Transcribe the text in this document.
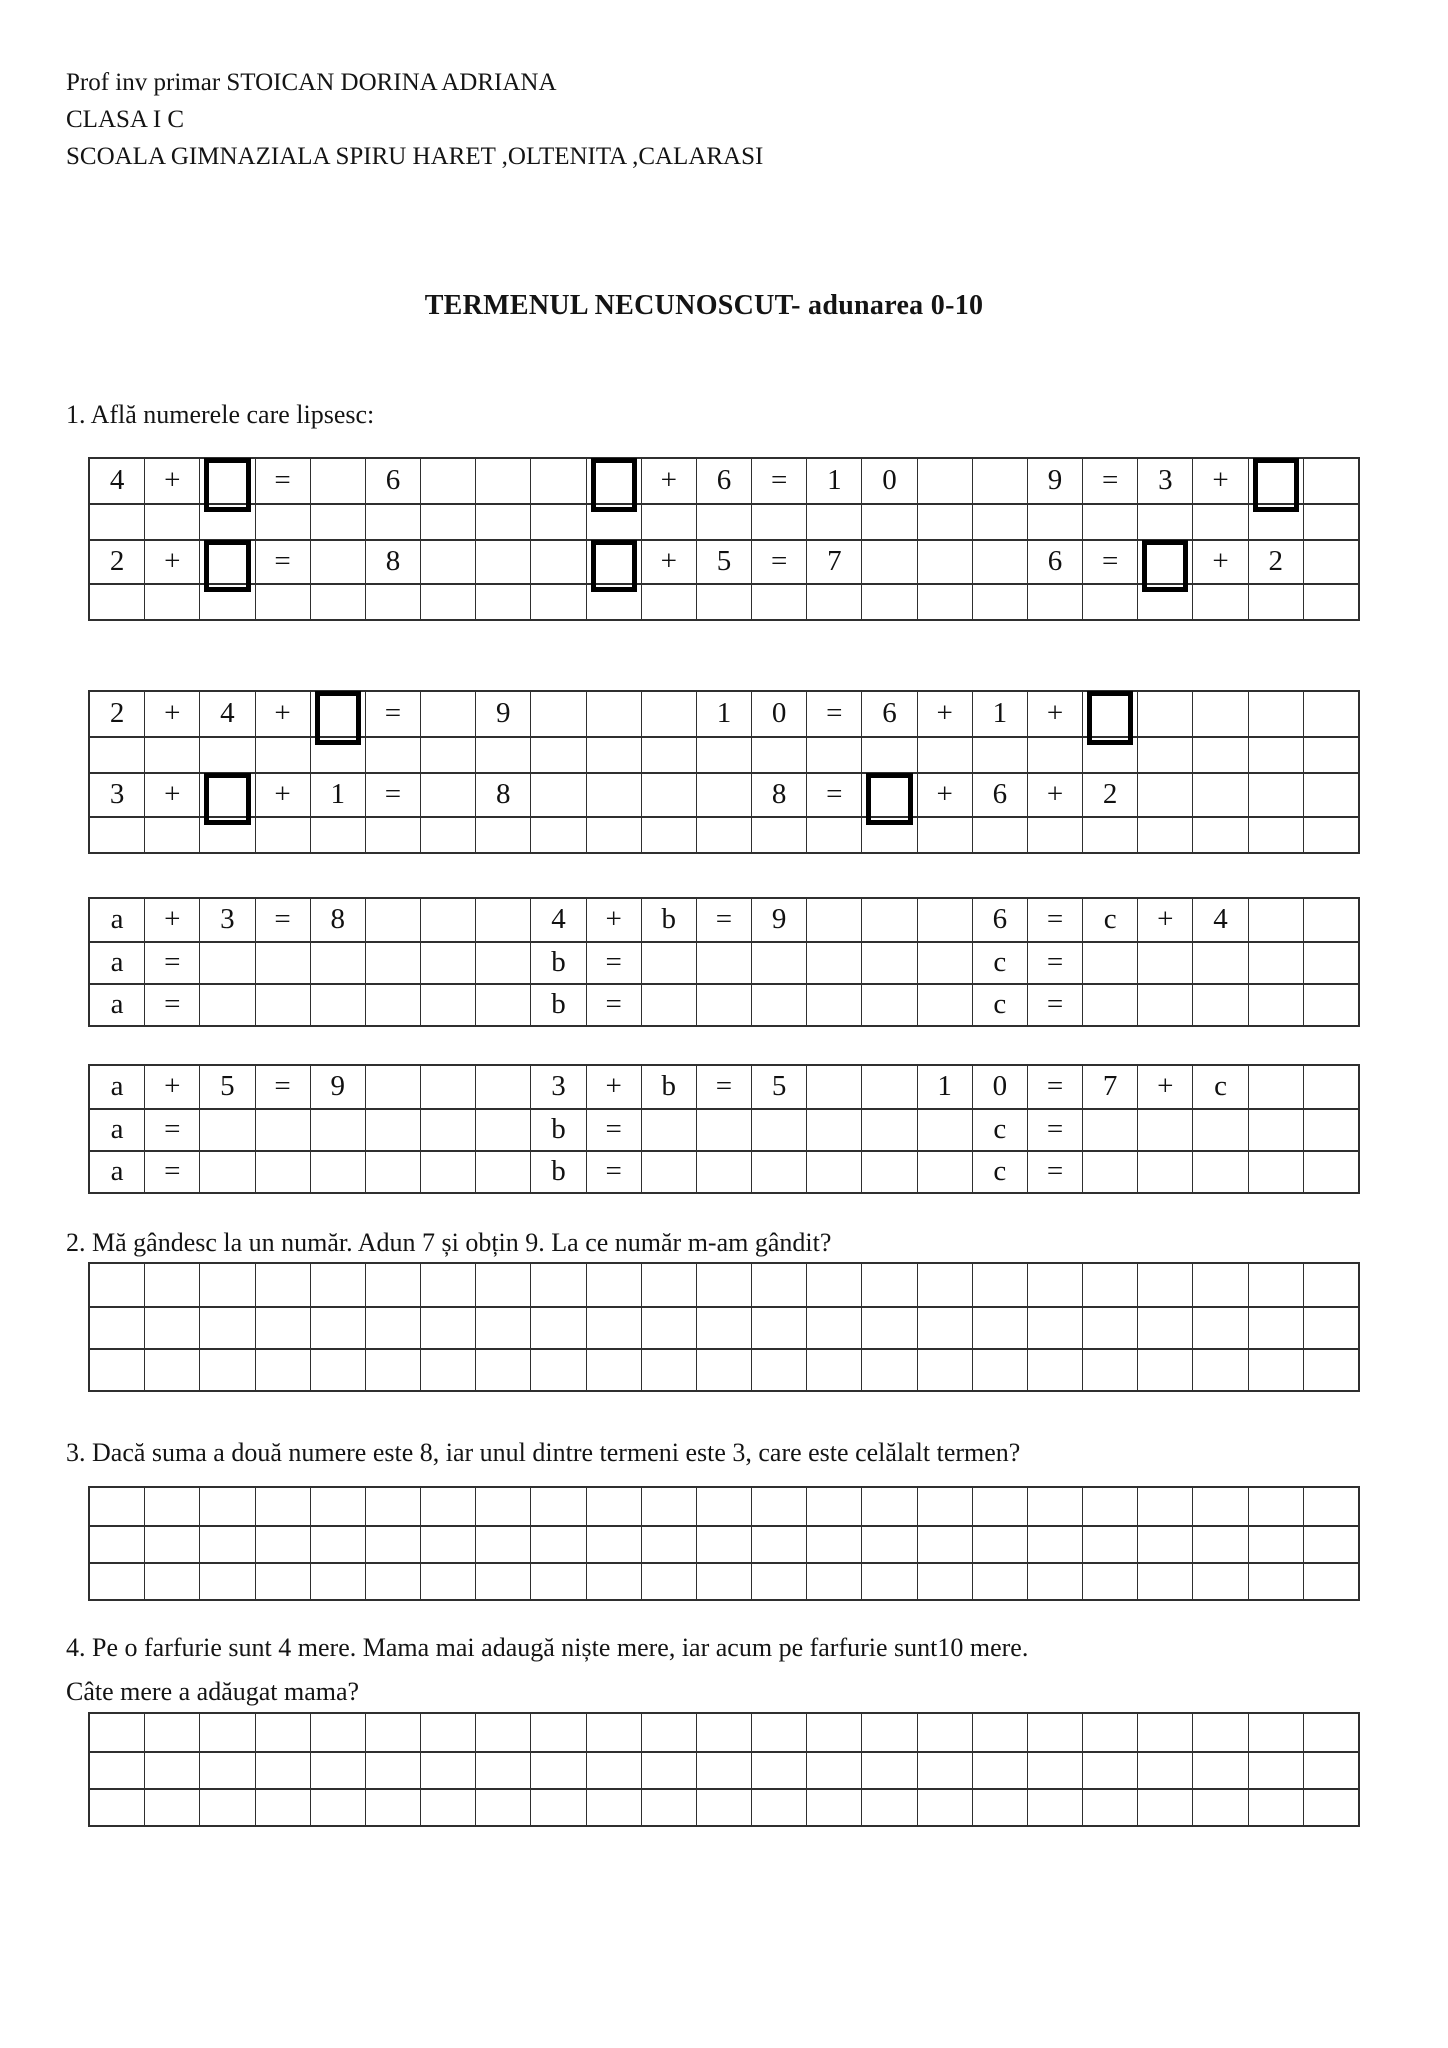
Prof inv primar STOICAN DORINA ADRIANA
CLASA I C
SCOALA GIMNAZIALA SPIRU HARET ,OLTENITA ,CALARASI
TERMENUL NECUNOSCUT- adunarea 0-10
1. Află numerele care lipsesc:
4 +	=	6	+ 6 = 1 0	9 = 3 +
2 +	=	8	+ 5 = 7	6 =	+ 2
2 + 4 +	=	9	1 0 = 6 + 1 +
3 +	+ 1 =	8	8 =	+ 6 + 2
a + 3 = 8	4 + b = 9	6 = c + 4
a =	b =	c =
a =	b =	c =
a + 5 = 9	3 + b = 5	1 0 = 7 + c
a =	b =	c =
a =	b =	c =
2. Mă gândesc la un număr. Adun 7 și obțin 9. La ce număr m-am gândit?
3. Dacă suma a două numere este 8, iar unul dintre termeni este 3, care este celălalt termen?
4. Pe o farfurie sunt 4 mere. Mama mai adaugă niște mere, iar acum pe farfurie sunt10 mere.
Câte mere a adăugat mama?
